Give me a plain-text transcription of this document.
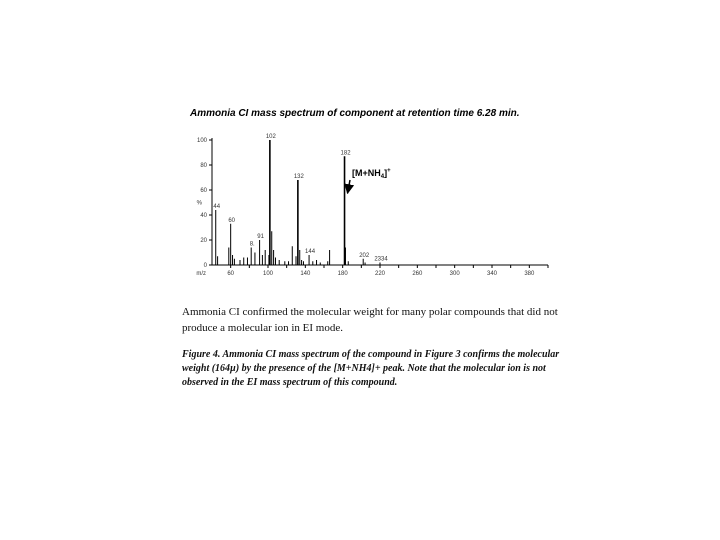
Ammonia CI mass spectrum of component at retention time 6.28 min.
0
20
40
60
80
100
%
60	100	140	180	220	260	300	340	380
m/z
44
60
8.
91
102
132
144
182
202
2334
$[M+NH_4]^+$
Ammonia CI confirmed the molecular weight for many polar compounds that did not produce a molecular ion in EI mode.
Figure 4. Ammonia CI mass spectrum of the compound in Figure 3 confirms the molecular weight (164µ) by the presence of the [M+NH4]+ peak. Note that the molecular ion is not observed in the EI mass spectrum of this compound.
